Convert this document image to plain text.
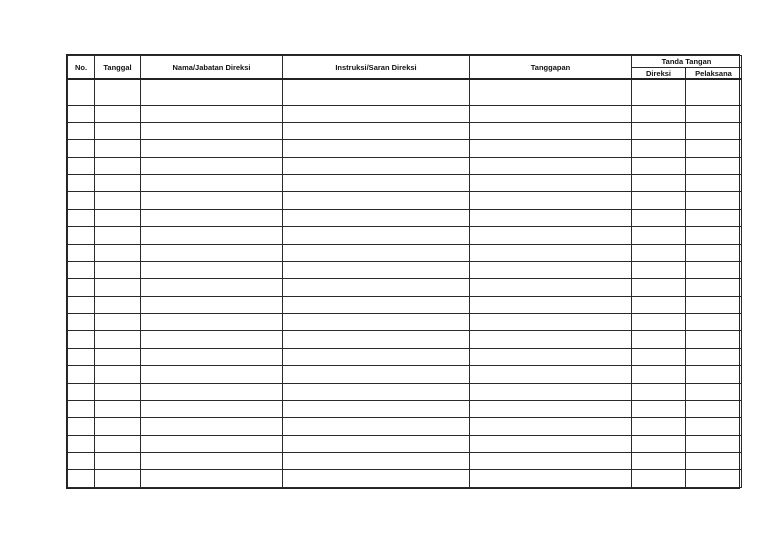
No.	Tanggal	Nama/Jabatan Direksi	Instruksi/Saran Direksi	Tanggapan	Tanda Tangan	
					Direksi	Pelaksana
